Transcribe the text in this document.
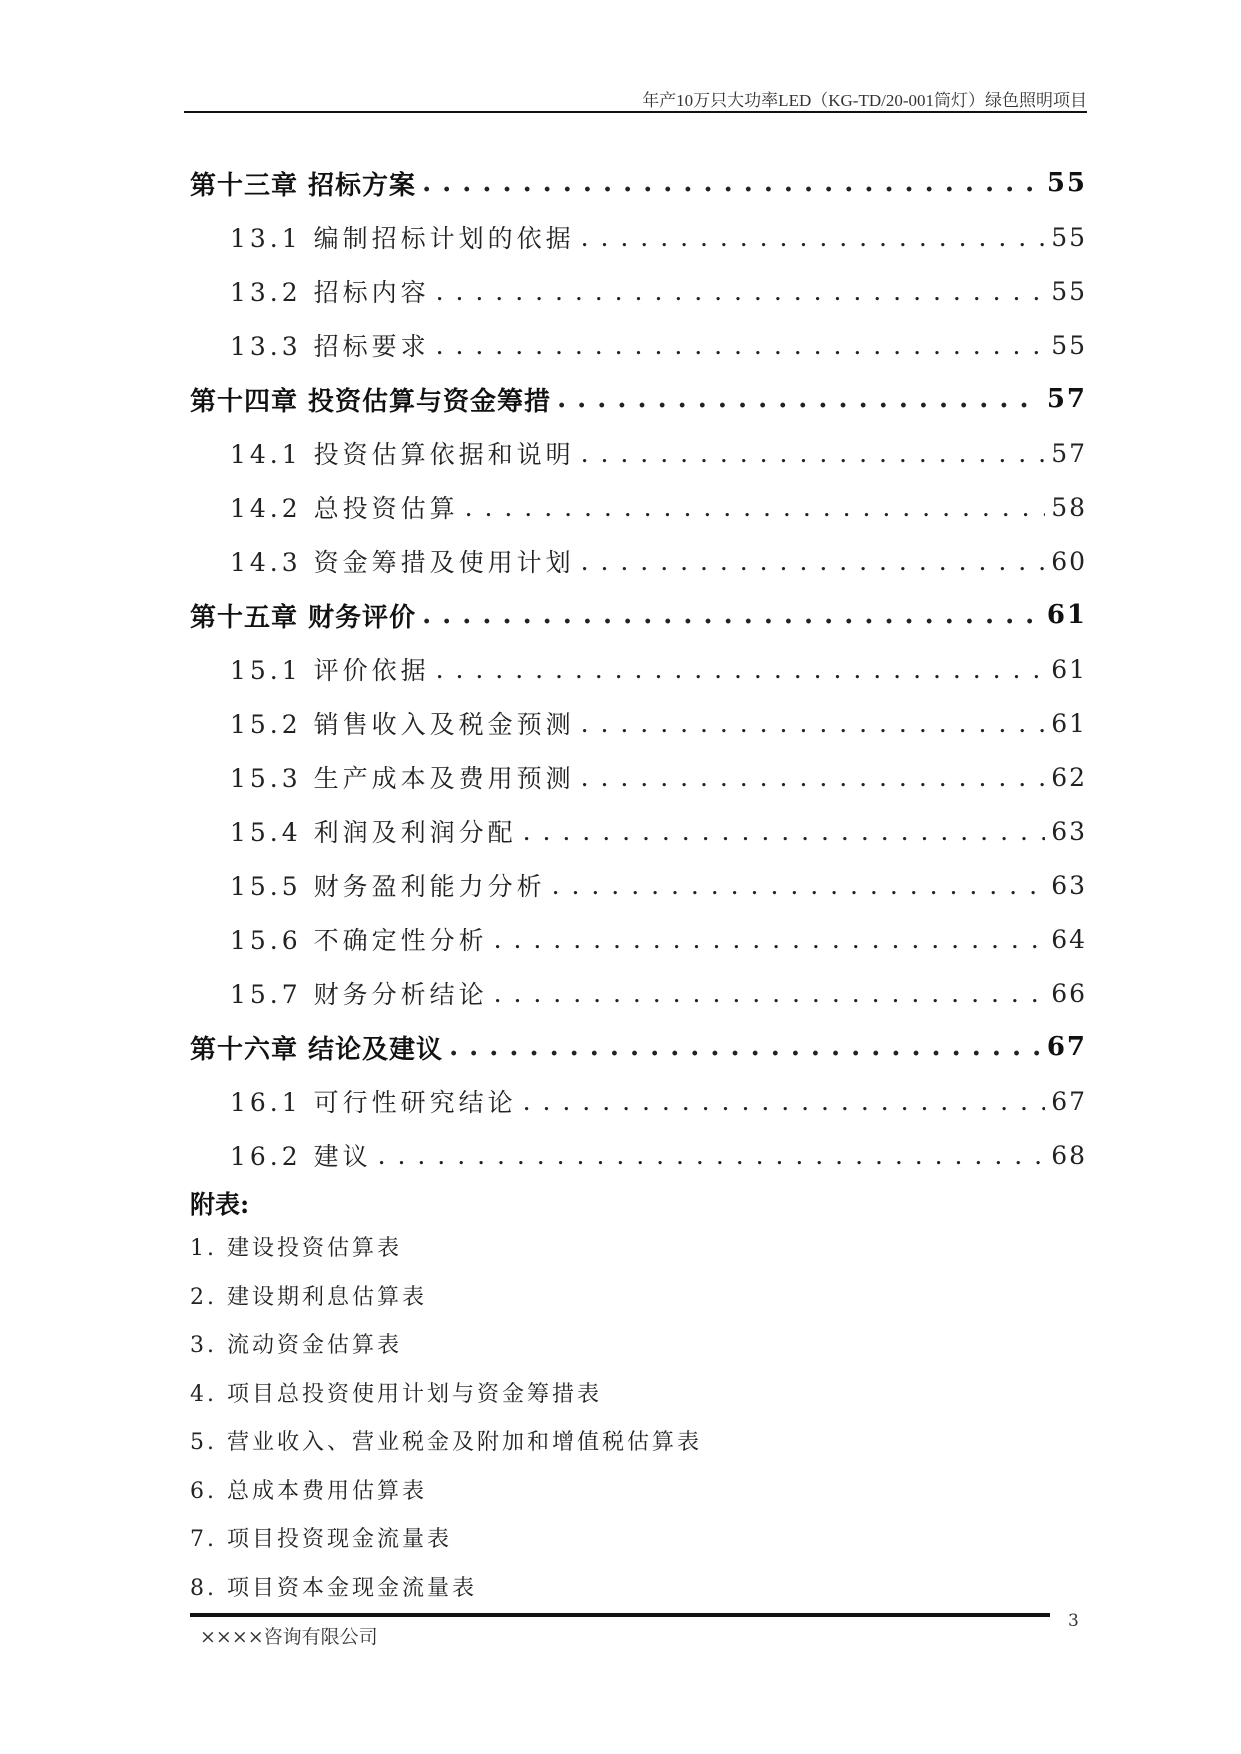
年产10万只大功率LED（KG-TD/20-001筒灯）绿色照明项目
第十三章 招标方案 . . .	55
13.1 编制招标计划的依据 . . .	55
13.2 招标内容 . . .	55
13.3 招标要求 . . .	55
第十四章 投资估算与资金筹措 . . .	57
14.1 投资估算依据和说明 . . .	57
14.2 总投资估算 . . .	58
14.3 资金筹措及使用计划 . . .	60
第十五章 财务评价 . . .	61
15.1 评价依据 . . .	61
15.2 销售收入及税金预测 . . .	61
15.3 生产成本及费用预测 . . .	62
15.4 利润及利润分配 . . .	63
15.5 财务盈利能力分析 . . .	63
15.6 不确定性分析 . . .	64
15.7 财务分析结论 . . .	66
第十六章 结论及建议 . . .	67
16.1 可行性研究结论 . . .	67
16.2 建议 . . .	68
附表:
1. 建设投资估算表
2. 建设期利息估算表
3. 流动资金估算表
4. 项目总投资使用计划与资金筹措表
5. 营业收入、营业税金及附加和增值税估算表
6. 总成本费用估算表
7. 项目投资现金流量表
8. 项目资本金现金流量表
××××咨询有限公司
3
